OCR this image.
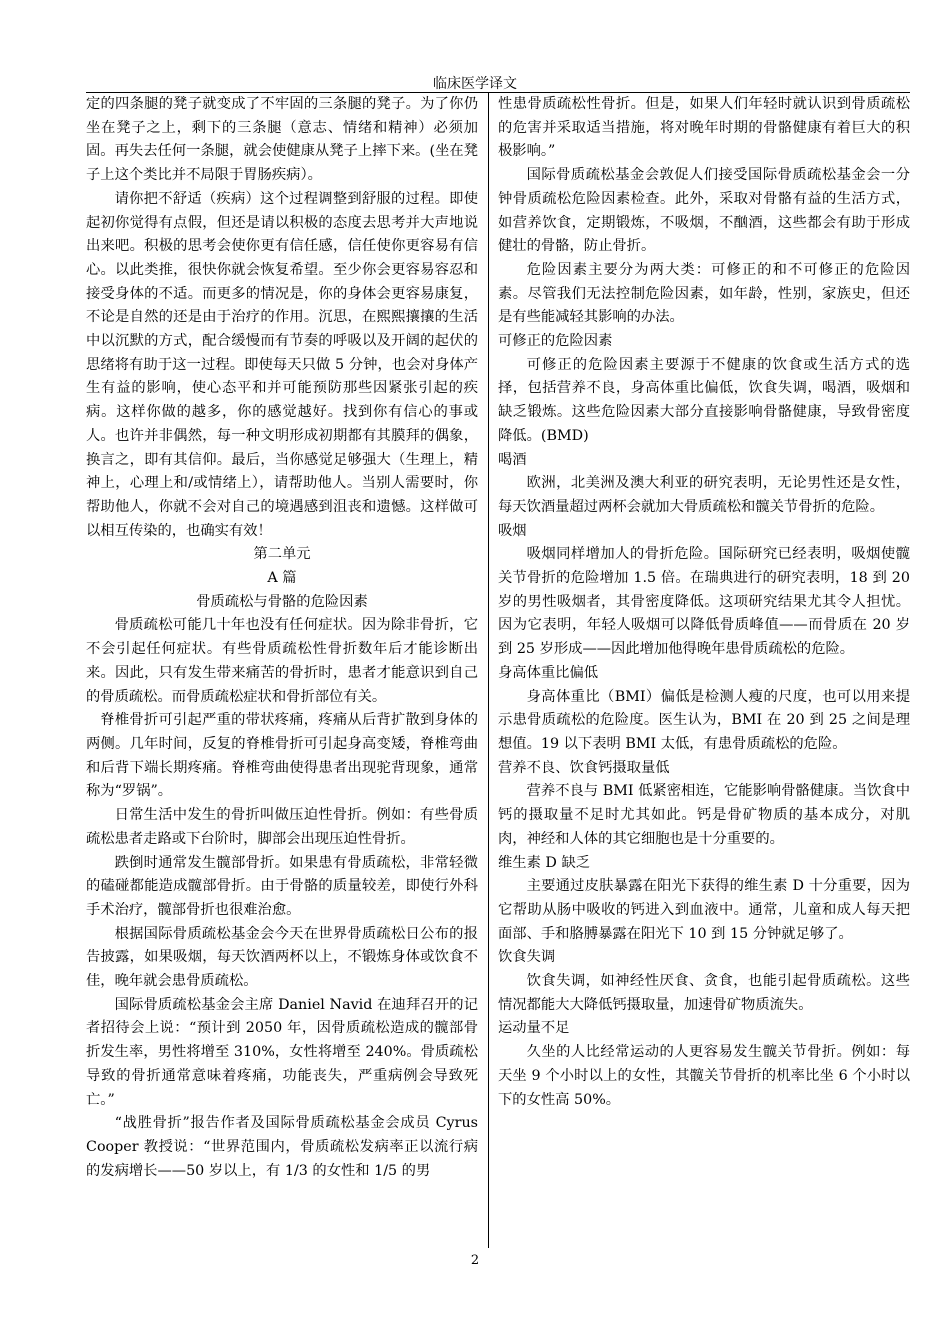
临床医学译文

定的四条腿的凳子就变成了不牢固的三条腿的凳子。为了你仍坐在凳子之上，剩下的三条腿（意志、情绪和精神）必须加固。再失去任何一条腿，就会使健康从凳子上摔下来。(坐在凳子上这个类比并不局限于胃肠疾病）。

请你把不舒适（疾病）这个过程调整到舒服的过程。即使起初你觉得有点假，但还是请以积极的态度去思考并大声地说出来吧。积极的思考会使你更有信任感，信任使你更容易有信心。以此类推，很快你就会恢复希望。至少你会更容易容忍和接受身体的不适。而更多的情况是，你的身体会更容易康复，不论是自然的还是由于治疗的作用。沉思，在熙熙攘攘的生活中以沉默的方式，配合缓慢而有节奏的呼吸以及开阔的起伏的思绪将有助于这一过程。即使每天只做 5 分钟，也会对身体产生有益的影响，使心态平和并可能预防那些因紧张引起的疾病。这样你做的越多，你的感觉越好。找到你有信心的事或人。也许并非偶然，每一种文明形成初期都有其膜拜的偶象，换言之，即有其信仰。最后，当你感觉足够强大（生理上，精神上，心理上和/或情绪上），请帮助他人。当别人需要时，你帮助他人，你就不会对自己的境遇感到沮丧和遗憾。这样做可以相互传染的，也确实有效！

第二单元

A 篇

骨质疏松与骨骼的危险因素

骨质疏松可能几十年也没有任何症状。因为除非骨折，它不会引起任何症状。有些骨质疏松性骨折数年后才能诊断出来。因此，只有发生带来痛苦的骨折时，患者才能意识到自己的骨质疏松。而骨质疏松症状和骨折部位有关。

脊椎骨折可引起严重的带状疼痛，疼痛从后背扩散到身体的两侧。几年时间，反复的脊椎骨折可引起身高变矮，脊椎弯曲和后背下端长期疼痛。脊椎弯曲使得患者出现驼背现象，通常称为“罗锅”。

日常生活中发生的骨折叫做压迫性骨折。例如：有些骨质疏松患者走路或下台阶时，脚部会出现压迫性骨折。

跌倒时通常发生髋部骨折。如果患有骨质疏松，非常轻微的磕碰都能造成髋部骨折。由于骨骼的质量较差，即使行外科手术治疗，髋部骨折也很难治愈。

根据国际骨质疏松基金会今天在世界骨质疏松日公布的报告披露，如果吸烟，每天饮酒两杯以上，不锻炼身体或饮食不佳，晚年就会患骨质疏松。

国际骨质疏松基金会主席 Daniel Navid 在迪拜召开的记者招待会上说：“预计到 2050 年，因骨质疏松造成的髋部骨折发生率，男性将增至 310%，女性将增至 240%。骨质疏松导致的骨折通常意味着疼痛，功能丧失，严重病例会导致死亡。”

“战胜骨折”报告作者及国际骨质疏松基金会成员 Cyrus Cooper 教授说：“世界范围内，骨质疏松发病率正以流行病的发病增长——50 岁以上，有 1/3 的女性和 1/5 的男

性患骨质疏松性骨折。但是，如果人们年轻时就认识到骨质疏松的危害并采取适当措施，将对晚年时期的骨骼健康有着巨大的积极影响。”

国际骨质疏松基金会敦促人们接受国际骨质疏松基金会一分钟骨质疏松危险因素检查。此外，采取对骨骼有益的生活方式，如营养饮食，定期锻炼，不吸烟，不酗酒，这些都会有助于形成健壮的骨骼，防止骨折。

危险因素主要分为两大类：可修正的和不可修正的危险因素。尽管我们无法控制危险因素，如年龄，性别，家族史，但还是有些能减轻其影响的办法。

可修正的危险因素

可修正的危险因素主要源于不健康的饮食或生活方式的选择，包括营养不良，身高体重比偏低，饮食失调，喝酒，吸烟和缺乏锻炼。这些危险因素大部分直接影响骨骼健康，导致骨密度降低。(BMD)

喝酒

欧洲，北美洲及澳大利亚的研究表明，无论男性还是女性，每天饮酒量超过两杯会就加大骨质疏松和髋关节骨折的危险。

吸烟

吸烟同样增加人的骨折危险。国际研究已经表明，吸烟使髋关节骨折的危险增加 1.5 倍。在瑞典进行的研究表明，18 到 20 岁的男性吸烟者，其骨密度降低。这项研究结果尤其令人担忧。因为它表明，年轻人吸烟可以降低骨质峰值——而骨质在 20 岁到 25 岁形成——因此增加他得晚年患骨质疏松的危险。

身高体重比偏低

身高体重比（BMI）偏低是检测人瘦的尺度，也可以用来提示患骨质疏松的危险度。医生认为，BMI 在 20 到 25 之间是理想值。19 以下表明 BMI 太低，有患骨质疏松的危险。

营养不良、饮食钙摄取量低

营养不良与 BMI 低紧密相连，它能影响骨骼健康。当饮食中钙的摄取量不足时尤其如此。钙是骨矿物质的基本成分，对肌肉，神经和人体的其它细胞也是十分重要的。

维生素 D 缺乏

主要通过皮肤暴露在阳光下获得的维生素 D 十分重要，因为它帮助从肠中吸收的钙进入到血液中。通常，儿童和成人每天把面部、手和胳膊暴露在阳光下 10 到 15 分钟就足够了。

饮食失调

饮食失调，如神经性厌食、贪食，也能引起骨质疏松。这些情况都能大大降低钙摄取量，加速骨矿物质流失。

运动量不足

久坐的人比经常运动的人更容易发生髋关节骨折。例如：每天坐 9 个小时以上的女性，其髋关节骨折的机率比坐 6 个小时以下的女性高 50%。

2
